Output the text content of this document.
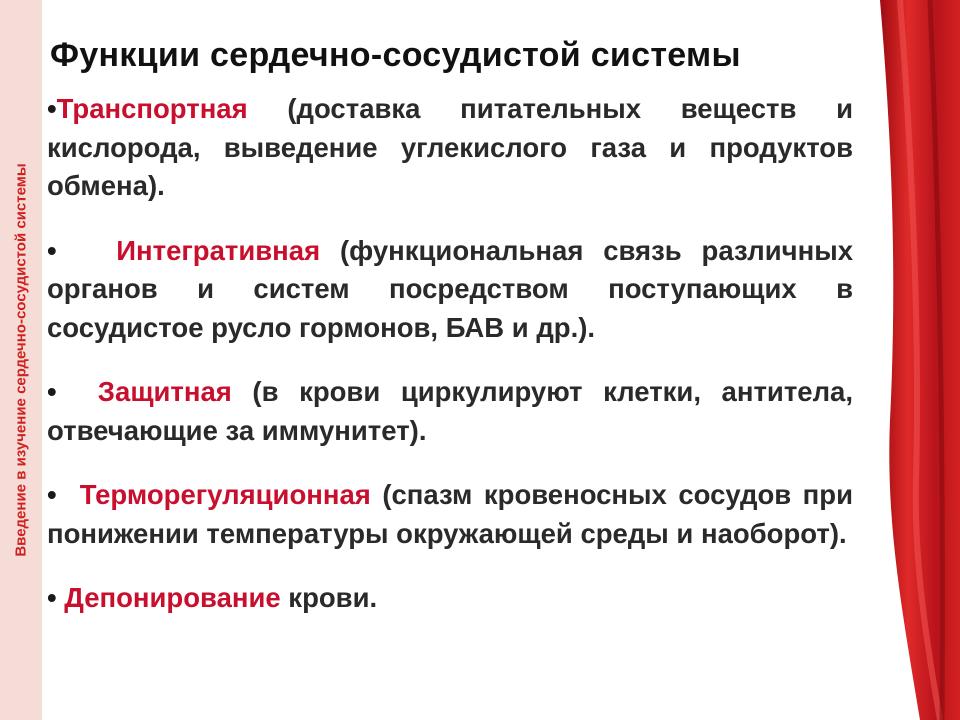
Введение в изучение сердечно-сосудистой системы
Функции сердечно-сосудистой системы

•Транспортная (доставка питательных веществ и кислорода, выведение углекислого газа и продуктов обмена).

• Интегративная (функциональная связь различных органов и систем посредством поступающих в сосудистое русло гормонов, БАВ и др.).

• Защитная (в крови циркулируют клетки, антитела, отвечающие за иммунитет).

• Терморегуляционная (спазм кровеносных сосудов при понижении температуры окружающей среды и наоборот).

• Депонирование крови.
